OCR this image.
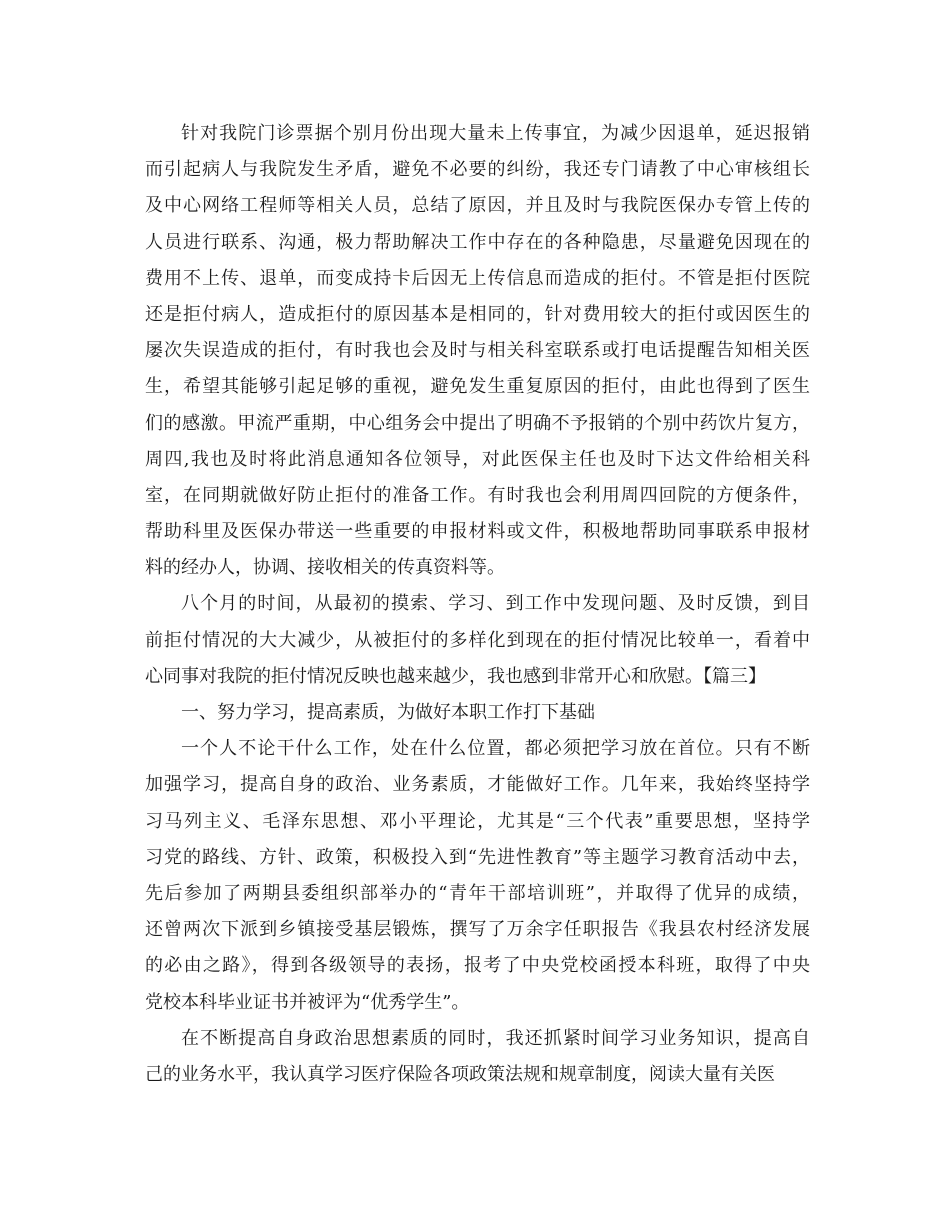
针对我院门诊票据个别月份出现大量未上传事宜，为减少因退单，延迟报销
而引起病人与我院发生矛盾，避免不必要的纠纷，我还专门请教了中心审核组长
及中心网络工程师等相关人员，总结了原因，并且及时与我院医保办专管上传的
人员进行联系、沟通，极力帮助解决工作中存在的各种隐患，尽量避免因现在的
费用不上传、退单，而变成持卡后因无上传信息而造成的拒付。不管是拒付医院
还是拒付病人，造成拒付的原因基本是相同的，针对费用较大的拒付或因医生的
屡次失误造成的拒付，有时我也会及时与相关科室联系或打电话提醒告知相关医
生，希望其能够引起足够的重视，避免发生重复原因的拒付，由此也得到了医生
们的感激。甲流严重期，中心组务会中提出了明确不予报销的个别中药饮片复方，
周四,我也及时将此消息通知各位领导，对此医保主任也及时下达文件给相关科
室，在同期就做好防止拒付的准备工作。有时我也会利用周四回院的方便条件，
帮助科里及医保办带送一些重要的申报材料或文件，积极地帮助同事联系申报材
料的经办人，协调、接收相关的传真资料等。
八个月的时间，从最初的摸索、学习、到工作中发现问题、及时反馈，到目
前拒付情况的大大减少，从被拒付的多样化到现在的拒付情况比较单一，看着中
心同事对我院的拒付情况反映也越来越少，我也感到非常开心和欣慰。【篇三】
一、努力学习，提高素质，为做好本职工作打下基础
一个人不论干什么工作，处在什么位置，都必须把学习放在首位。只有不断
加强学习，提高自身的政治、业务素质，才能做好工作。几年来，我始终坚持学
习马列主义、毛泽东思想、邓小平理论，尤其是“三个代表”重要思想，坚持学
习党的路线、方针、政策，积极投入到“先进性教育”等主题学习教育活动中去，
先后参加了两期县委组织部举办的“青年干部培训班”，并取得了优异的成绩，
还曾两次下派到乡镇接受基层锻炼，撰写了万余字任职报告《我县农村经济发展
的必由之路》，得到各级领导的表扬，报考了中央党校函授本科班，取得了中央
党校本科毕业证书并被评为“优秀学生”。
在不断提高自身政治思想素质的同时，我还抓紧时间学习业务知识，提高自
己的业务水平，我认真学习医疗保险各项政策法规和规章制度，阅读大量有关医
